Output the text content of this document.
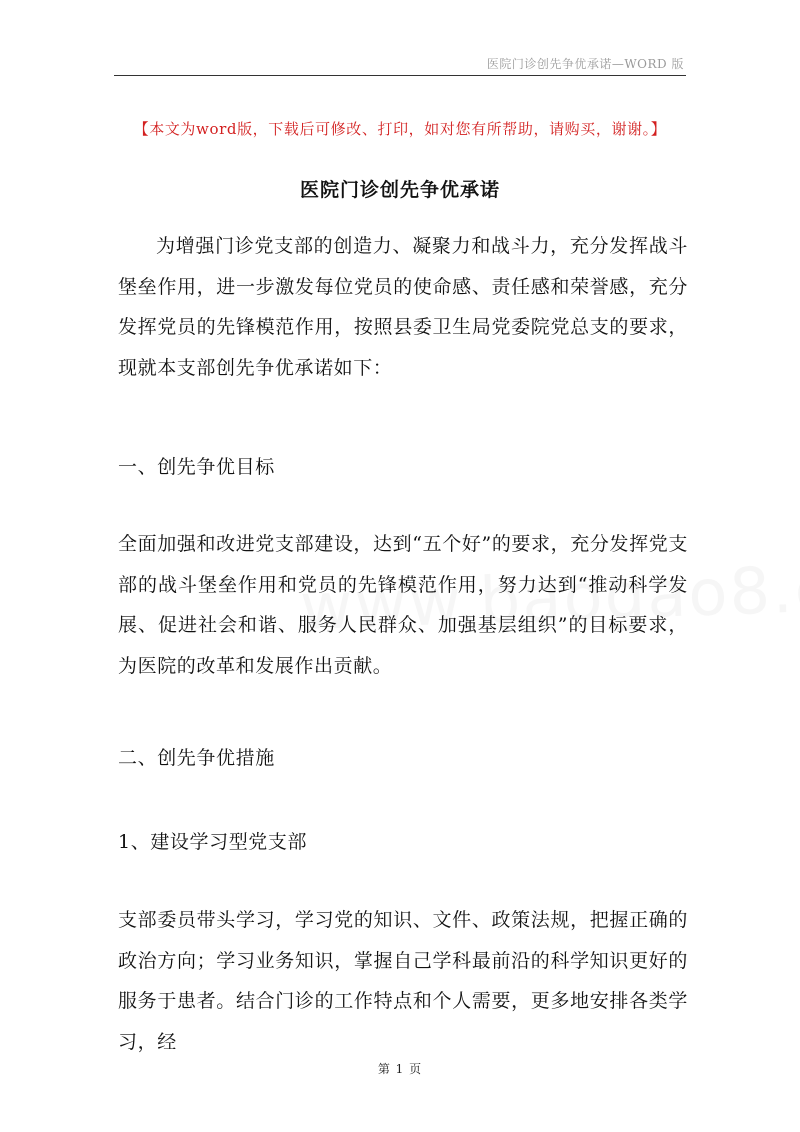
医院门诊创先争优承诺—WORD 版
【本文为word版，下载后可修改、打印，如对您有所帮助，请购买，谢谢。】
医院门诊创先争优承诺
为增强门诊党支部的创造力、凝聚力和战斗力，充分发挥战斗堡垒作用，进一步激发每位党员的使命感、责任感和荣誉感，充分发挥党员的先锋模范作用，按照县委卫生局党委院党总支的要求，现就本支部创先争优承诺如下：
一、创先争优目标
全面加强和改进党支部建设，达到“五个好”的要求，充分发挥党支部的战斗堡垒作用和党员的先锋模范作用，努力达到“推动科学发展、促进社会和谐、服务人民群众、加强基层组织”的目标要求，为医院的改革和发展作出贡献。
二、创先争优措施
1、建设学习型党支部
支部委员带头学习，学习党的知识、文件、政策法规，把握正确的政治方向；学习业务知识，掌握自己学科最前沿的科学知识更好的服务于患者。结合门诊的工作特点和个人需要，更多地安排各类学习，经
第 1 页
